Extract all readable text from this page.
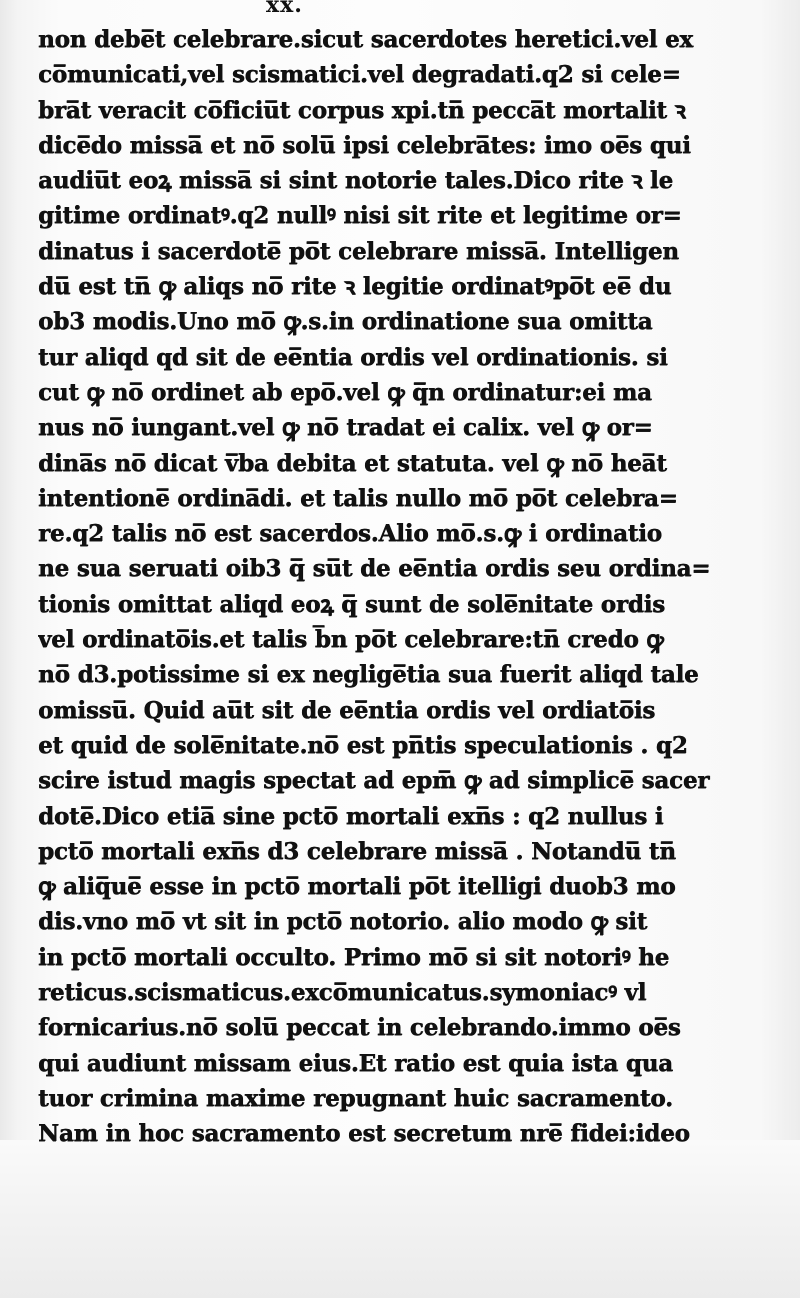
xx.
non debe̅t celebrare.sicut sacerdotes heretici.vel ex
co̅municati,vel scismatici.vel degradati.q2 si cele=
bra̅t veracit co̅ficiu̅t corpus xpi.tn̅ pecca̅t mortalit ꝛ
dice̅do missa̅ et no̅ solu̅ ipsi celebra̅tes: imo oe̅s qui
audiu̅t eoꝝ missa̅ si sint notorie tales.Dico rite ꝛ le
gitime ordinatꝰ.q2 nullꝰ nisi sit rite et legitime or=
dinatus i sacerdote̅ po̅t celebrare missa̅. Intelligen
du̅ est tn̅ ꝙ aliqs no̅ rite ꝛ legitie ordinatꝰpo̅t ee̅ du
ob3 modis.Uno mo̅ ꝙ.s.in ordinatione sua omitta
tur aliqd qd sit de ee̅ntia ordis vel ordinationis. si
cut ꝙ no̅ ordinet ab epo̅.vel ꝙ q̅n ordinatur:ei ma
nus no̅ iungant.vel ꝙ no̅ tradat ei calix. vel ꝙ or=
dina̅s no̅ dicat v̅ba debita et statuta. vel ꝙ no̅ hea̅t
intentione̅ ordina̅di. et talis nullo mo̅ po̅t celebra=
re.q2 talis no̅ est sacerdos.Alio mo̅.s.ꝙ i ordinatio
ne sua seruati oib3 q̅ su̅t de ee̅ntia ordis seu ordina=
tionis omittat aliqd eoꝝ q̅ sunt de sole̅nitate ordis
vel ordinato̅is.et talis b̅n po̅t celebrare:tn̅ credo ꝙ
no̅ d3.potissime si ex neglige̅tia sua fuerit aliqd tale
omissu̅. Quid au̅t sit de ee̅ntia ordis vel ordiato̅is
et quid de sole̅nitate.no̅ est pn̅tis speculationis . q2
scire istud magis spectat ad epm̅ ꝙ ad simplice̅ sacer
dote̅.Dico etia̅ sine pcto̅ mortali exn̅s : q2 nullus i
pcto̅ mortali exn̅s d3 celebrare missa̅ . Notandu̅ tn̅
ꝙ aliq̅ue̅ esse in pcto̅ mortali po̅t itelligi duob3 mo
dis.vno mo̅ vt sit in pcto̅ notorio. alio modo ꝙ sit
in pcto̅ mortali occulto. Primo mo̅ si sit notoriꝰ he
reticus.scismaticus.exco̅municatus.symoniacꝰ vl
fornicarius.no̅ solu̅ peccat in celebrando.immo oe̅s
qui audiunt missam eius.Et ratio est quia ista qua
tuor crimina maxime repugnant huic sacramento.
Nam in hoc sacramento est secretum nre̅ fidei:ideo
